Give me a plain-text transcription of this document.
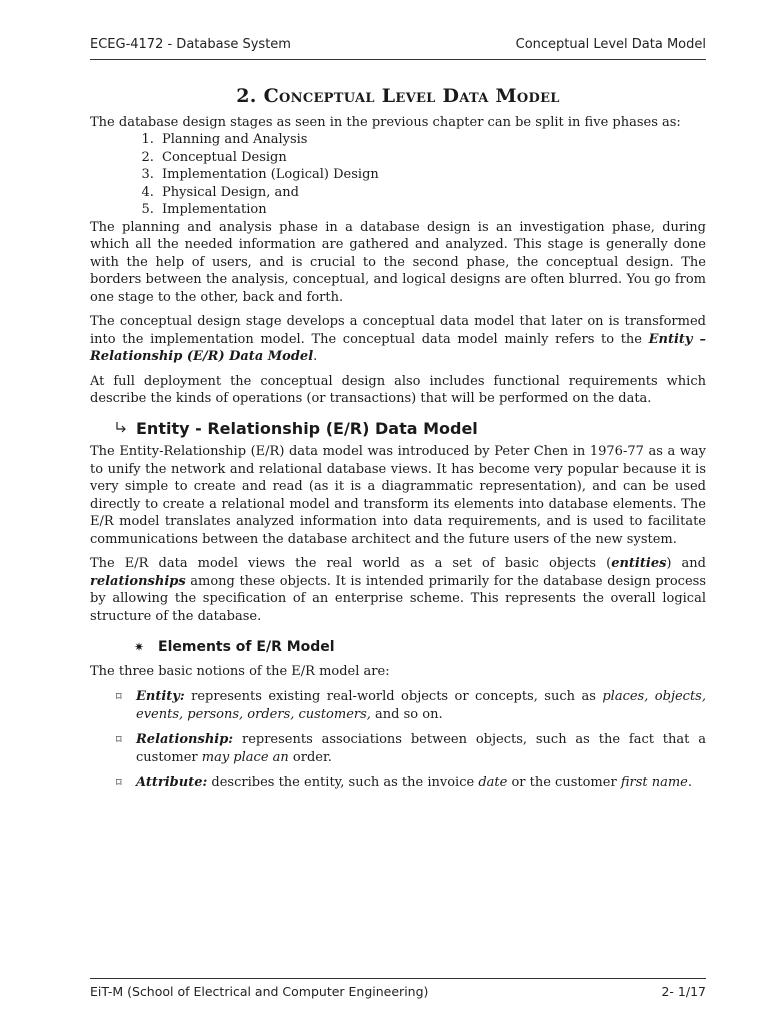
ECEG-4172 - Database System	Conceptual Level Data Model
2. Conceptual Level Data Model

The database design stages as seen in the previous chapter can be split in five phases as:

1. Planning and Analysis
2. Conceptual Design
3. Implementation (Logical) Design
4. Physical Design, and
5. Implementation

The planning and analysis phase in a database design is an investigation phase, during which all the needed information are gathered and analyzed. This stage is generally done with the help of users, and is crucial to the second phase, the conceptual design. The borders between the analysis, conceptual, and logical designs are often blurred. You go from one stage to the other, back and forth.

The conceptual design stage develops a conceptual data model that later on is transformed into the implementation model. The conceptual data model mainly refers to the Entity – Relationship (E/R) Data Model.

At full deployment the conceptual design also includes functional requirements which describe the kinds of operations (or transactions) that will be performed on the data.

Entity - Relationship (E/R) Data Model

The Entity-Relationship (E/R) data model was introduced by Peter Chen in 1976-77 as a way to unify the network and relational database views. It has become very popular because it is very simple to create and read (as it is a diagrammatic representation), and can be used directly to create a relational model and transform its elements into database elements. The E/R model translates analyzed information into data requirements, and is used to facilitate communications between the database architect and the future users of the new system.

The E/R data model views the real world as a set of basic objects (entities) and relationships among these objects. It is intended primarily for the database design process by allowing the specification of an enterprise scheme. This represents the overall logical structure of the database.

✷ Elements of E/R Model

The three basic notions of the E/R model are:

⌑	Entity: represents existing real-world objects or concepts, such as places, objects, events, persons, orders, customers, and so on.
⌑	Relationship: represents associations between objects, such as the fact that a customer may place an order.
⌑	Attribute: describes the entity, such as the invoice date or the customer first name.
EiT-M (School of Electrical and Computer Engineering)	2- 1/17
